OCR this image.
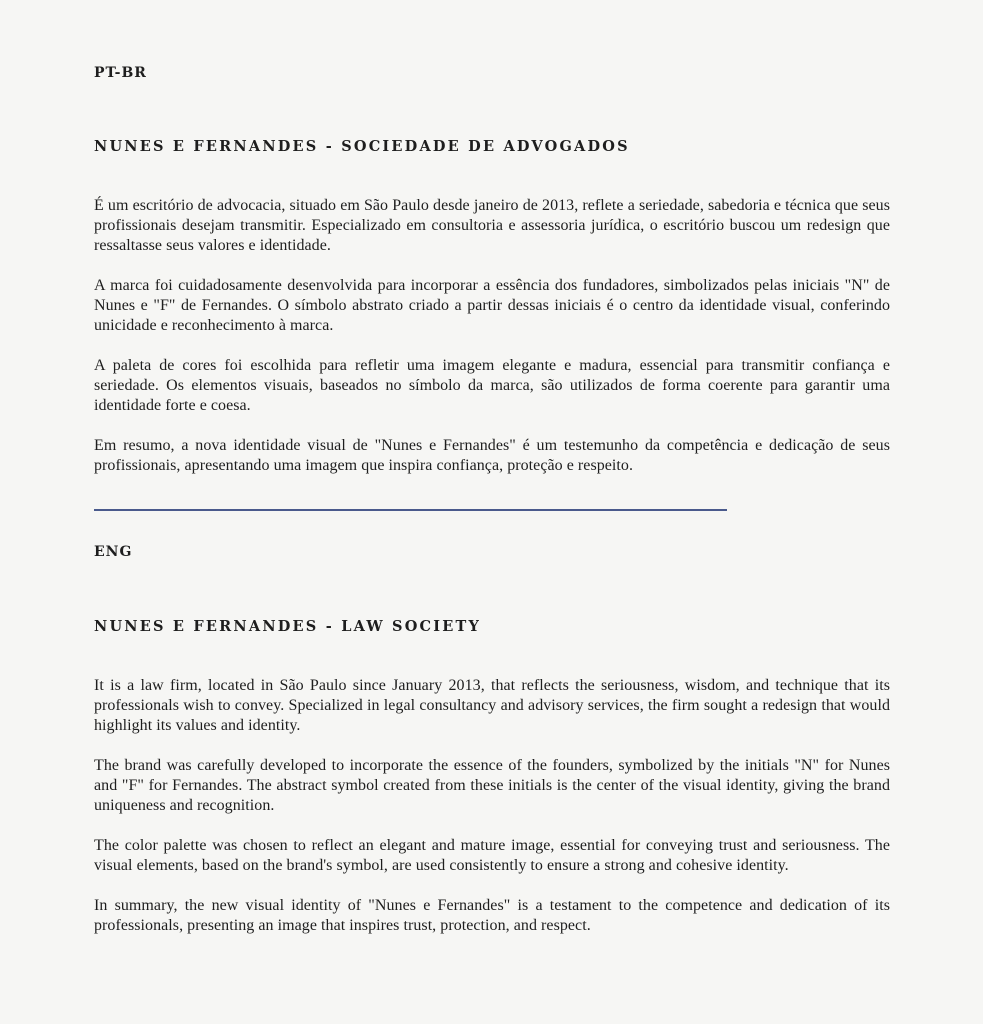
PT-BR
NUNES E FERNANDES - SOCIEDADE DE ADVOGADOS

É um escritório de advocacia, situado em São Paulo desde janeiro de 2013, reflete a seriedade, sabedoria e técnica que seus profissionais desejam transmitir. Especializado em consultoria e assessoria jurídica, o escritório buscou um redesign que ressaltasse seus valores e identidade.

A marca foi cuidadosamente desenvolvida para incorporar a essência dos fundadores, simbolizados pelas iniciais "N" de Nunes e "F" de Fernandes. O símbolo abstrato criado a partir dessas iniciais é o centro da identidade visual, conferindo unicidade e reconhecimento à marca.

A paleta de cores foi escolhida para refletir uma imagem elegante e madura, essencial para transmitir confiança e seriedade. Os elementos visuais, baseados no símbolo da marca, são utilizados de forma coerente para garantir uma identidade forte e coesa.

Em resumo, a nova identidade visual de "Nunes e Fernandes" é um testemunho da competência e dedicação de seus profissionais, apresentando uma imagem que inspira confiança, proteção e respeito.

ENG
NUNES E FERNANDES - LAW SOCIETY

It is a law firm, located in São Paulo since January 2013, that reflects the seriousness, wisdom, and technique that its professionals wish to convey. Specialized in legal consultancy and advisory services, the firm sought a redesign that would highlight its values and identity.

The brand was carefully developed to incorporate the essence of the founders, symbolized by the initials "N" for Nunes and "F" for Fernandes. The abstract symbol created from these initials is the center of the visual identity, giving the brand uniqueness and recognition.

The color palette was chosen to reflect an elegant and mature image, essential for conveying trust and seriousness. The visual elements, based on the brand's symbol, are used consistently to ensure a strong and cohesive identity.

In summary, the new visual identity of "Nunes e Fernandes" is a testament to the competence and dedication of its professionals, presenting an image that inspires trust, protection, and respect.
